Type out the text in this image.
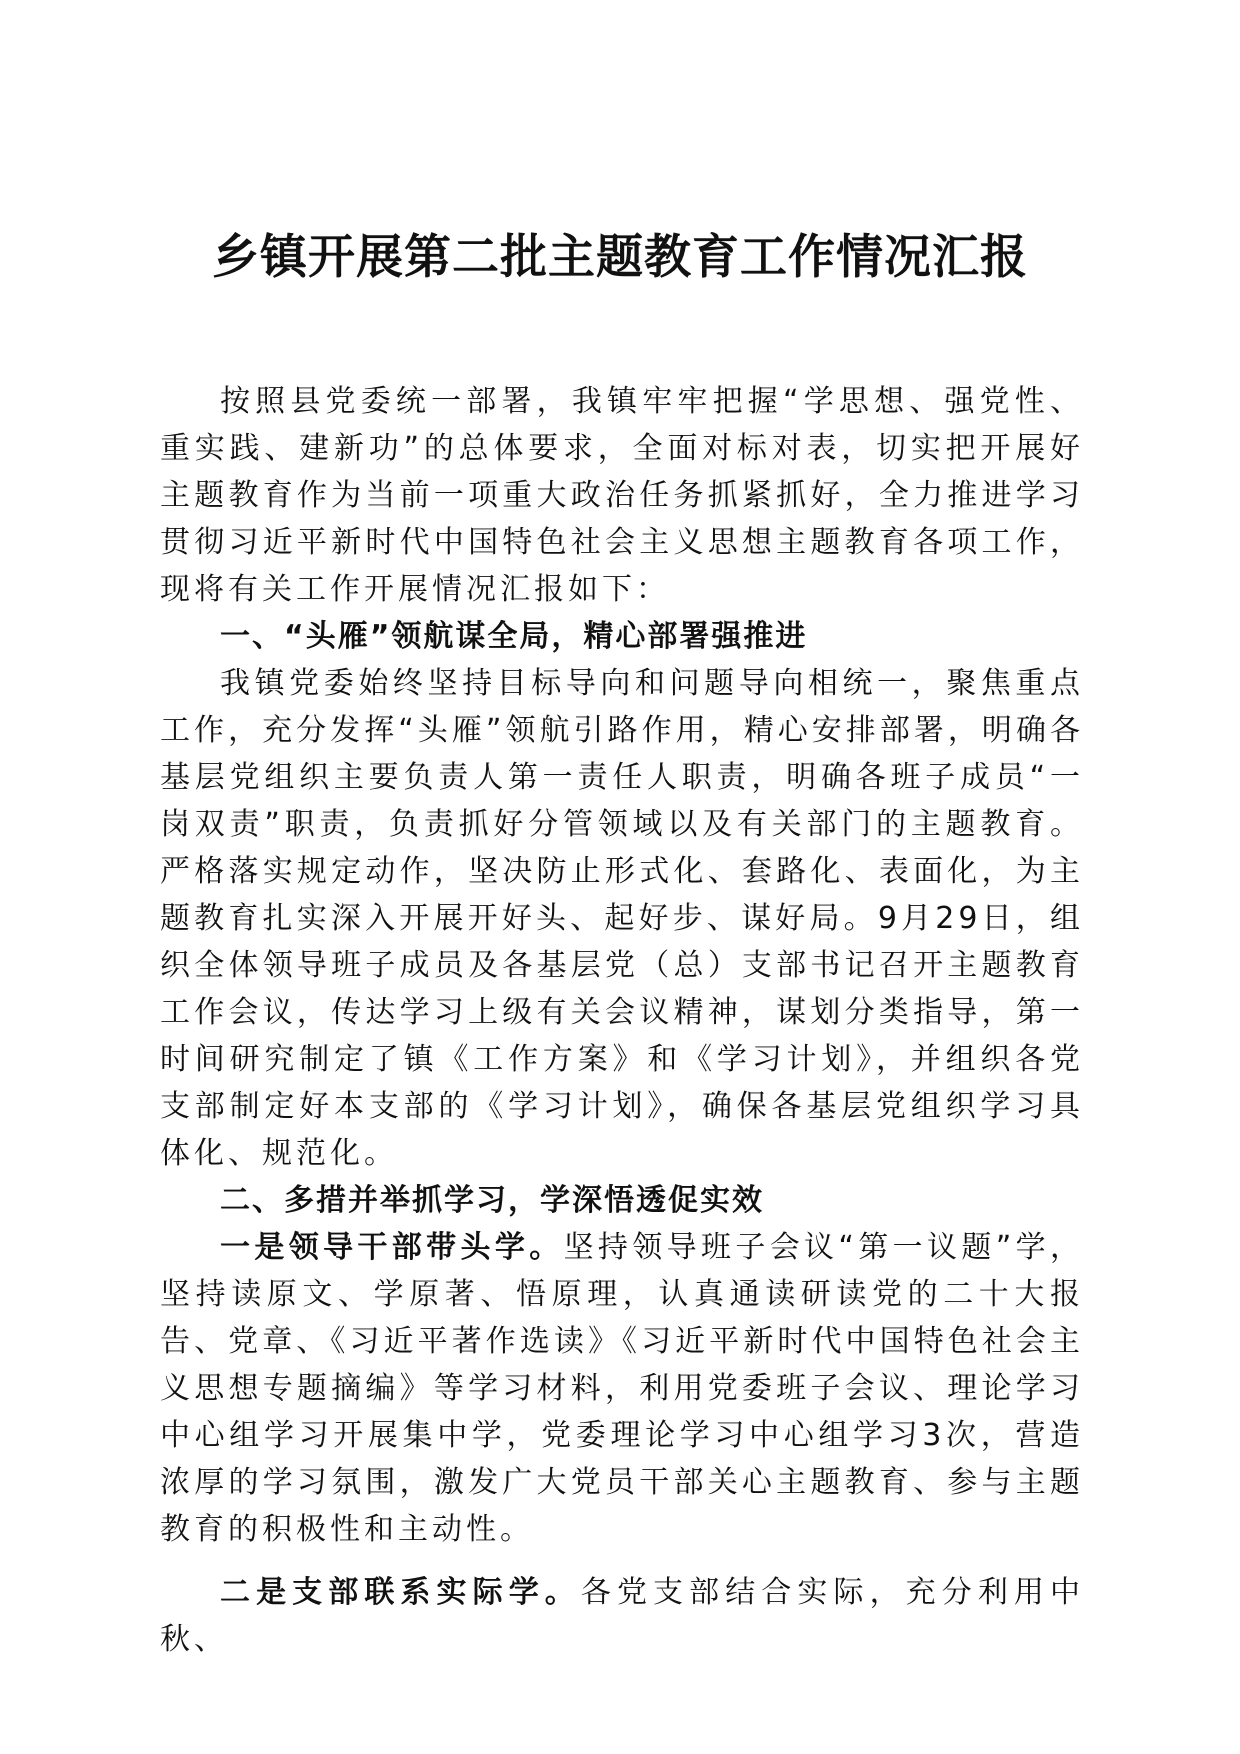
乡镇开展第二批主题教育工作情况汇报

按照县党委统一部署，我镇牢牢把握“学思想、强党性、重实践、建新功”的总体要求，全面对标对表，切实把开展好主题教育作为当前一项重大政治任务抓紧抓好，全力推进学习贯彻习近平新时代中国特色社会主义思想主题教育各项工作，现将有关工作开展情况汇报如下：

一、“头雁”领航谋全局，精心部署强推进

我镇党委始终坚持目标导向和问题导向相统一，聚焦重点工作，充分发挥“头雁”领航引路作用，精心安排部署，明确各基层党组织主要负责人第一责任人职责，明确各班子成员“一岗双责”职责，负责抓好分管领域以及有关部门的主题教育。严格落实规定动作，坚决防止形式化、套路化、表面化，为主题教育扎实深入开展开好头、起好步、谋好局。9月29日，组织全体领导班子成员及各基层党（总）支部书记召开主题教育工作会议，传达学习上级有关会议精神，谋划分类指导，第一时间研究制定了镇《工作方案》和《学习计划》，并组织各党支部制定好本支部的《学习计划》，确保各基层党组织学习具体化、规范化。

二、多措并举抓学习，学深悟透促实效

一是领导干部带头学。坚持领导班子会议“第一议题”学，坚持读原文、学原著、悟原理，认真通读研读党的二十大报告、党章、《习近平著作选读》《习近平新时代中国特色社会主义思想专题摘编》等学习材料，利用党委班子会议、理论学习中心组学习开展集中学，党委理论学习中心组学习3次，营造浓厚的学习氛围，激发广大党员干部关心主题教育、参与主题教育的积极性和主动性。

二是支部联系实际学。各党支部结合实际，充分利用中秋、
